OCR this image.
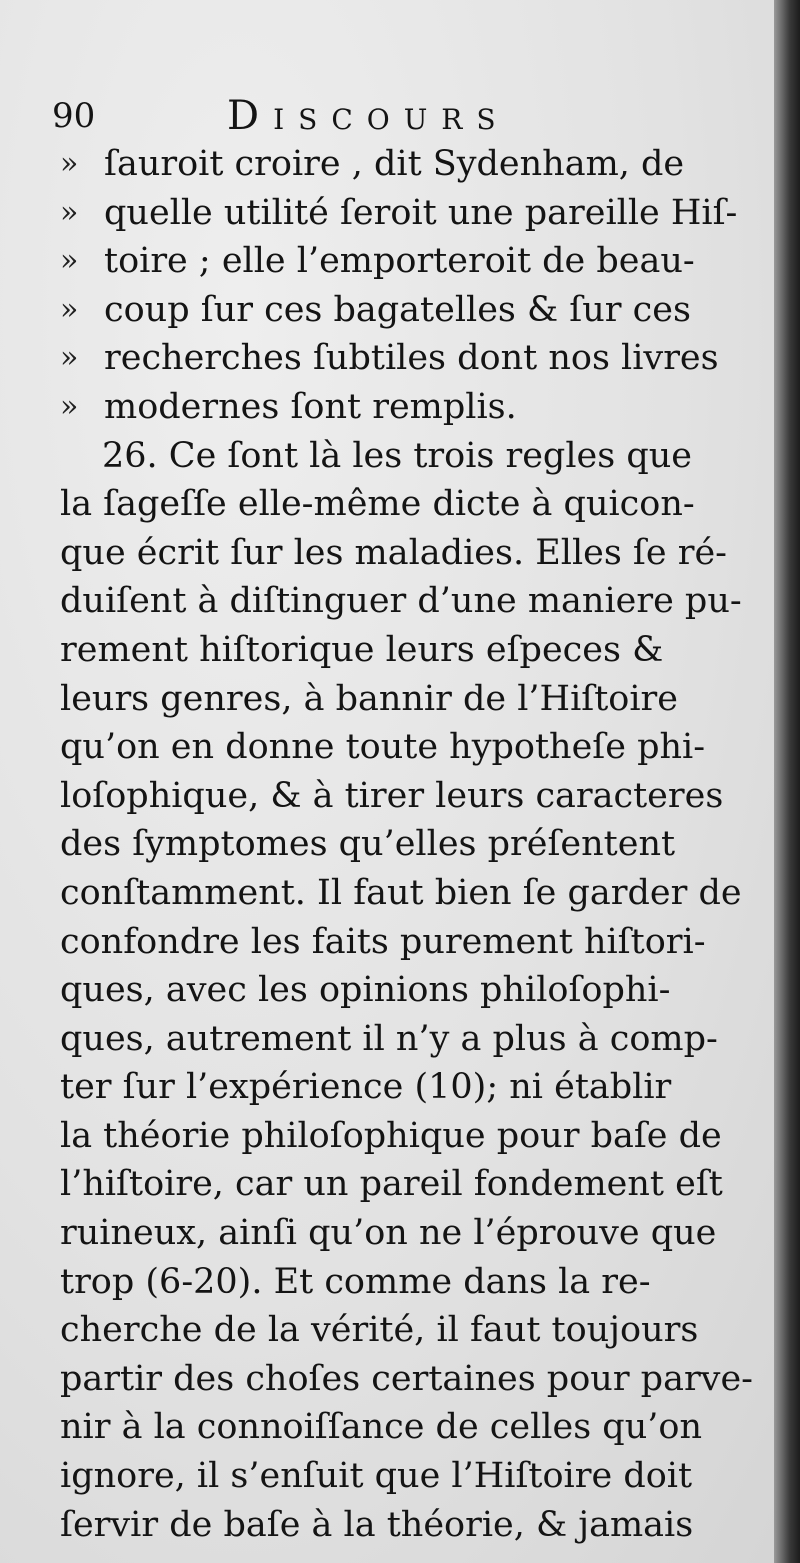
90	Discours
» ſauroit croire , dit Sydenham, de
» quelle utilité ſeroit une pareille Hiſ-
» toire ; elle l’emporteroit de beau-
» coup ſur ces bagatelles & ſur ces
» recherches ſubtiles dont nos livres
» modernes ſont remplis.
26. Ce ſont là les trois regles que
la ſageſſe elle-même dicte à quicon-
que écrit ſur les maladies. Elles ſe ré-
duiſent à diſtinguer d’une maniere pu-
rement hiſtorique leurs eſpeces &
leurs genres, à bannir de l’Hiſtoire
qu’on en donne toute hypotheſe phi-
loſophique, & à tirer leurs caracteres
des ſymptomes qu’elles préſentent
conſtamment. Il faut bien ſe garder de
confondre les faits purement hiſtori-
ques, avec les opinions philoſophi-
ques, autrement il n’y a plus à comp-
ter ſur l’expérience (10); ni établir
la théorie philoſophique pour baſe de
l’hiſtoire, car un pareil fondement eſt
ruineux, ainſi qu’on ne l’éprouve que
trop (6-20). Et comme dans la re-
cherche de la vérité, il faut toujours
partir des choſes certaines pour parve-
nir à la connoiſſance de celles qu’on
ignore, il s’enſuit que l’Hiſtoire doit
ſervir de baſe à la théorie, & jamais
